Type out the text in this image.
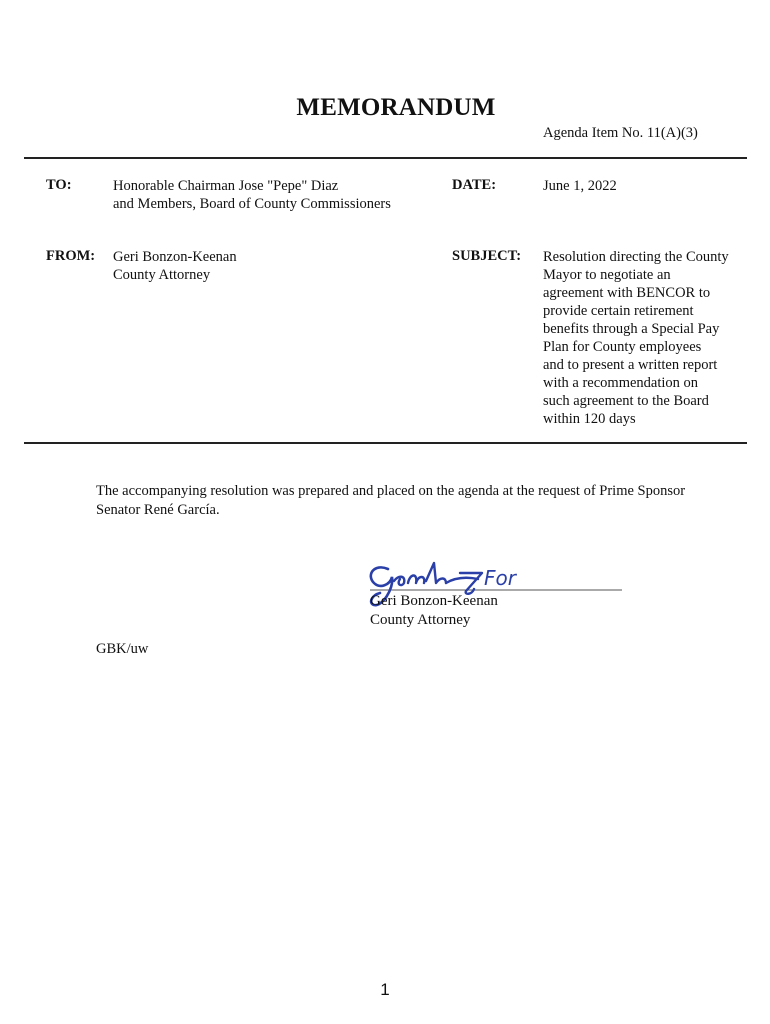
MEMORANDUM
Agenda Item No. 11(A)(3)
TO:	Honorable Chairman Jose "Pepe" Diaz
and Members, Board of County Commissioners
DATE:	June 1, 2022
FROM: Geri Bonzon-Keenan
County Attorney
SUBJECT: Resolution directing the County
Mayor to negotiate an
agreement with BENCOR to
provide certain retirement
benefits through a Special Pay
Plan for County employees
and to present a written report
with a recommendation on
such agreement to the Board
within 120 days
The accompanying resolution was prepared and placed on the agenda at the request of Prime Sponsor
Senator René García.
For
Geri Bonzon-Keenan
County Attorney
GBK/uw
1
